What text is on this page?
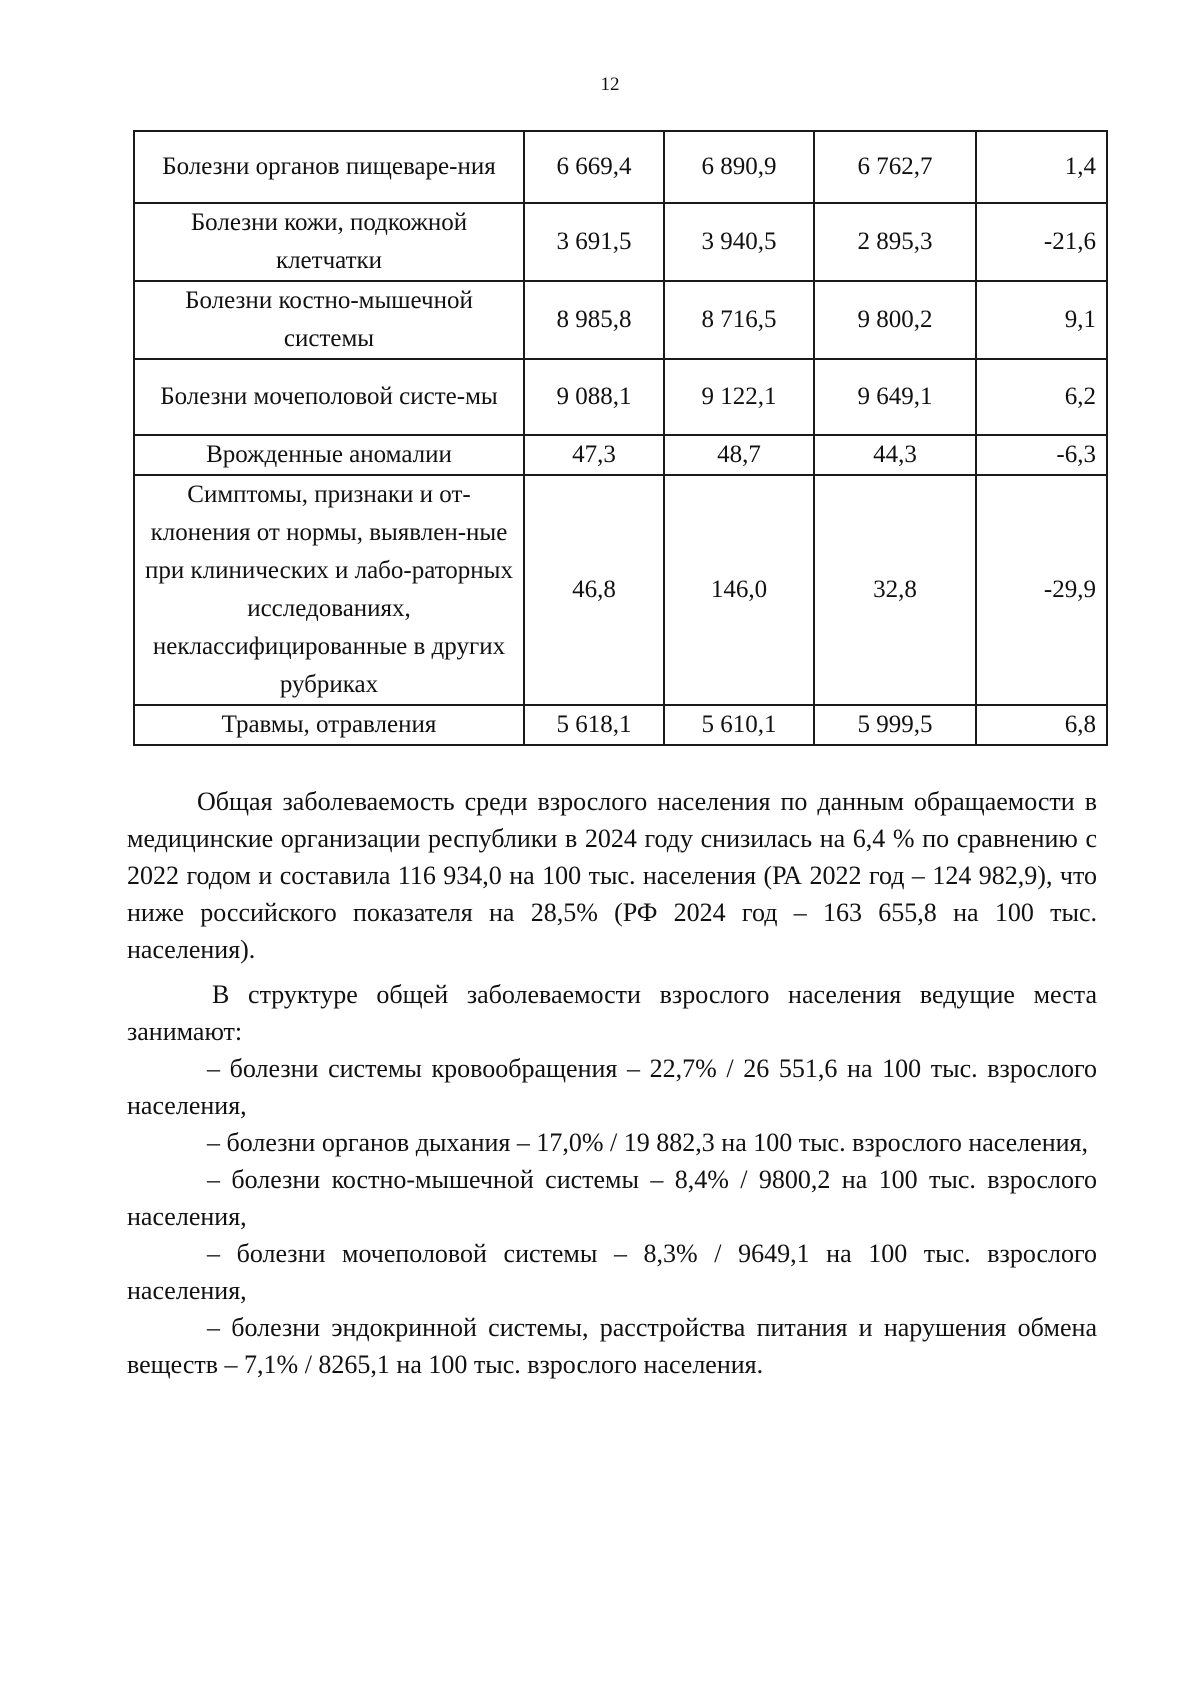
12
Болезни органов пищеваре-ния	6 669,4	6 890,9	6 762,7	1,4
Болезни кожи, подкожной клетчатки	3 691,5	3 940,5	2 895,3	-21,6
Болезни костно-мышечной системы	8 985,8	8 716,5	9 800,2	9,1
Болезни мочеполовой систе-мы	9 088,1	9 122,1	9 649,1	6,2
Врожденные аномалии	47,3	48,7	44,3	-6,3
Симптомы, признаки и от-клонения от нормы, выявлен-ные при клинических и лабо-раторных исследованиях, неклассифицированные в других рубриках	46,8	146,0	32,8	-29,9
Травмы, отравления	5 618,1	5 610,1	5 999,5	6,8

Общая заболеваемость среди взрослого населения по данным обращаемости в медицинские организации республики в 2024 году снизилась на 6,4 % по сравнению с 2022 годом и составила 116 934,0 на 100 тыс. населения (РА 2022 год – 124 982,9), что ниже российского показателя на 28,5% (РФ 2024 год – 163 655,8 на 100 тыс. населения).

В структуре общей заболеваемости взрослого населения ведущие места занимают:

– болезни системы кровообращения – 22,7% / 26 551,6 на 100 тыс. взрослого населения,

– болезни органов дыхания – 17,0% / 19 882,3 на 100 тыс. взрослого населения,

– болезни костно-мышечной системы – 8,4% / 9800,2 на 100 тыс. взрослого населения,

– болезни мочеполовой системы – 8,3% / 9649,1 на 100 тыс. взрослого населения,

– болезни эндокринной системы, расстройства питания и нарушения обмена веществ – 7,1% / 8265,1 на 100 тыс. взрослого населения.
